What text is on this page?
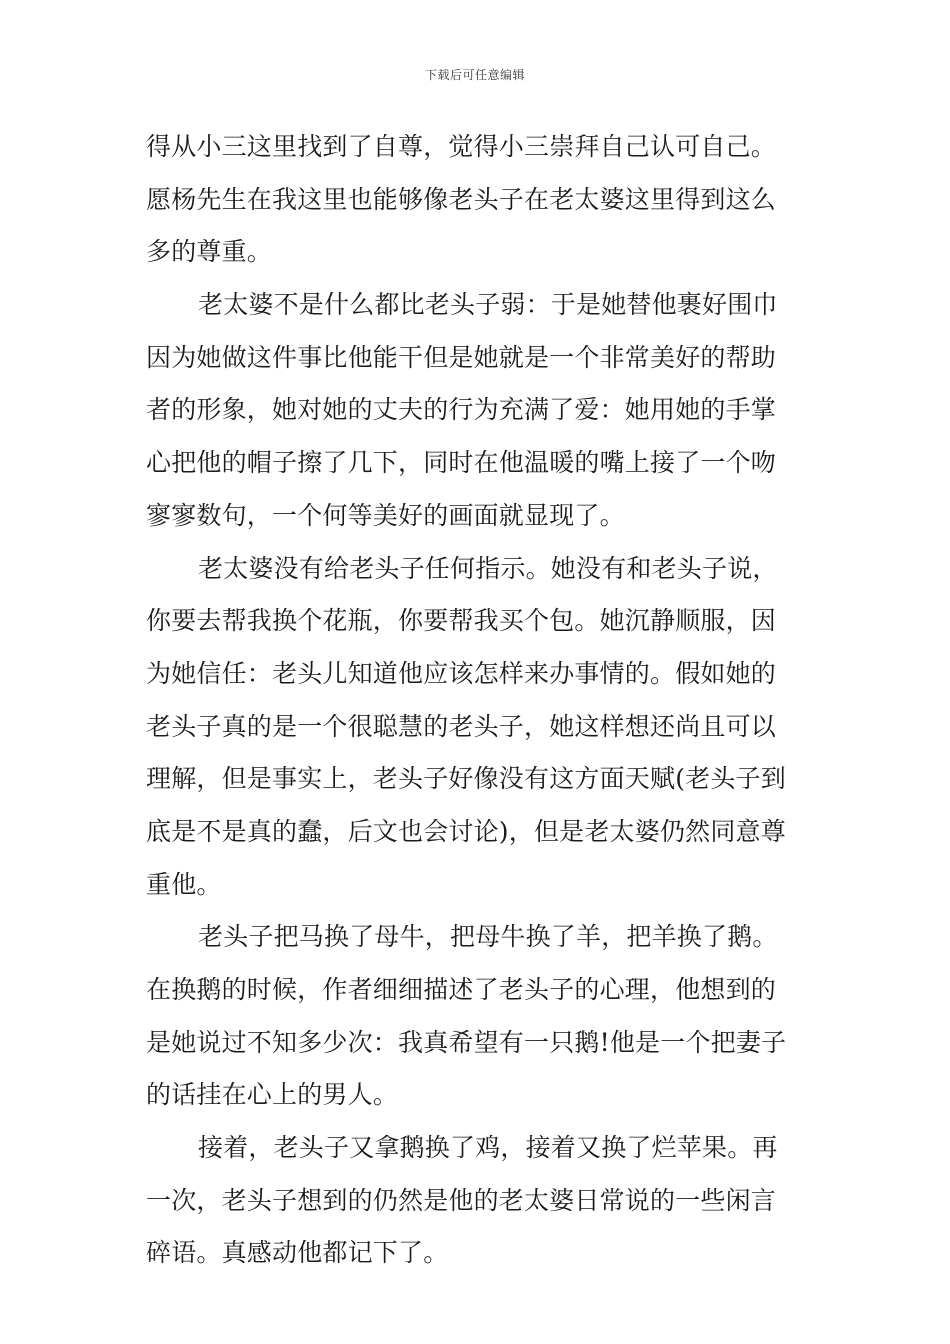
下载后可任意编辑
得从小三这里找到了自尊，觉得小三崇拜自己认可自己。
愿杨先生在我这里也能够像老头子在老太婆这里得到这么
多的尊重。
老太婆不是什么都比老头子弱：于是她替他裹好围巾
因为她做这件事比他能干但是她就是一个非常美好的帮助
者的形象，她对她的丈夫的行为充满了爱：她用她的手掌
心把他的帽子擦了几下，同时在他温暖的嘴上接了一个吻
寥寥数句，一个何等美好的画面就显现了。
老太婆没有给老头子任何指示。她没有和老头子说，
你要去帮我换个花瓶，你要帮我买个包。她沉静顺服，因
为她信任：老头儿知道他应该怎样来办事情的。假如她的
老头子真的是一个很聪慧的老头子，她这样想还尚且可以
理解，但是事实上，老头子好像没有这方面天赋(老头子到
底是不是真的蠢，后文也会讨论)，但是老太婆仍然同意尊
重他。
老头子把马换了母牛，把母牛换了羊，把羊换了鹅。
在换鹅的时候，作者细细描述了老头子的心理，他想到的
是她说过不知多少次：我真希望有一只鹅!他是一个把妻子
的话挂在心上的男人。
接着，老头子又拿鹅换了鸡，接着又换了烂苹果。再
一次，老头子想到的仍然是他的老太婆日常说的一些闲言
碎语。真感动他都记下了。
